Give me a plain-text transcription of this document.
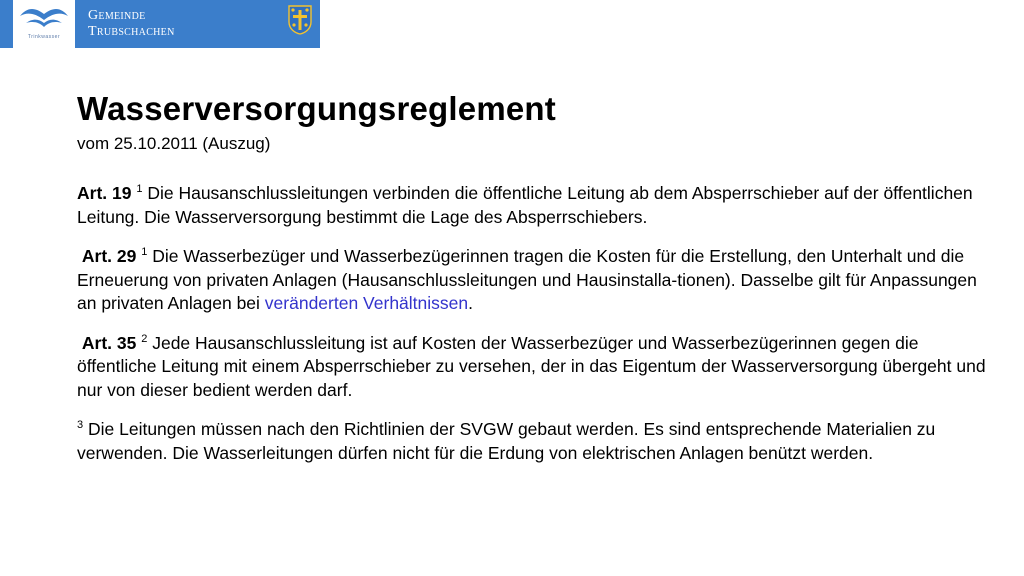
Trinkwasser
Gemeinde
Trubschachen
Wasserversorgungsreglement
vom 25.10.2011 (Auszug)

Art. 19 $^1$ Die Hausanschlussleitungen verbinden die öffentliche Leitung ab dem Absperrschieber auf der öffentlichen Leitung. Die Wasserversorgung bestimmt die Lage des Absperrschiebers.

Art. 29 $^1$ Die Wasserbezüger und Wasserbezügerinnen tragen die Kosten für die Erstellung, den Unterhalt und die Erneuerung von privaten Anlagen (Hausanschlussleitungen und Hausinstalla-tionen). Dasselbe gilt für Anpassungen an privaten Anlagen bei veränderten Verhältnissen.

Art. 35 $^2$ Jede Hausanschlussleitung ist auf Kosten der Wasserbezüger und Wasserbezügerinnen gegen die öffentliche Leitung mit einem Absperrschieber zu versehen, der in das Eigentum der Wasserversorgung übergeht und nur von dieser bedient werden darf.

$^3$ Die Leitungen müssen nach den Richtlinien der SVGW gebaut werden. Es sind entsprechende Materialien zu verwenden. Die Wasserleitungen dürfen nicht für die Erdung von elektrischen Anlagen benützt werden.
